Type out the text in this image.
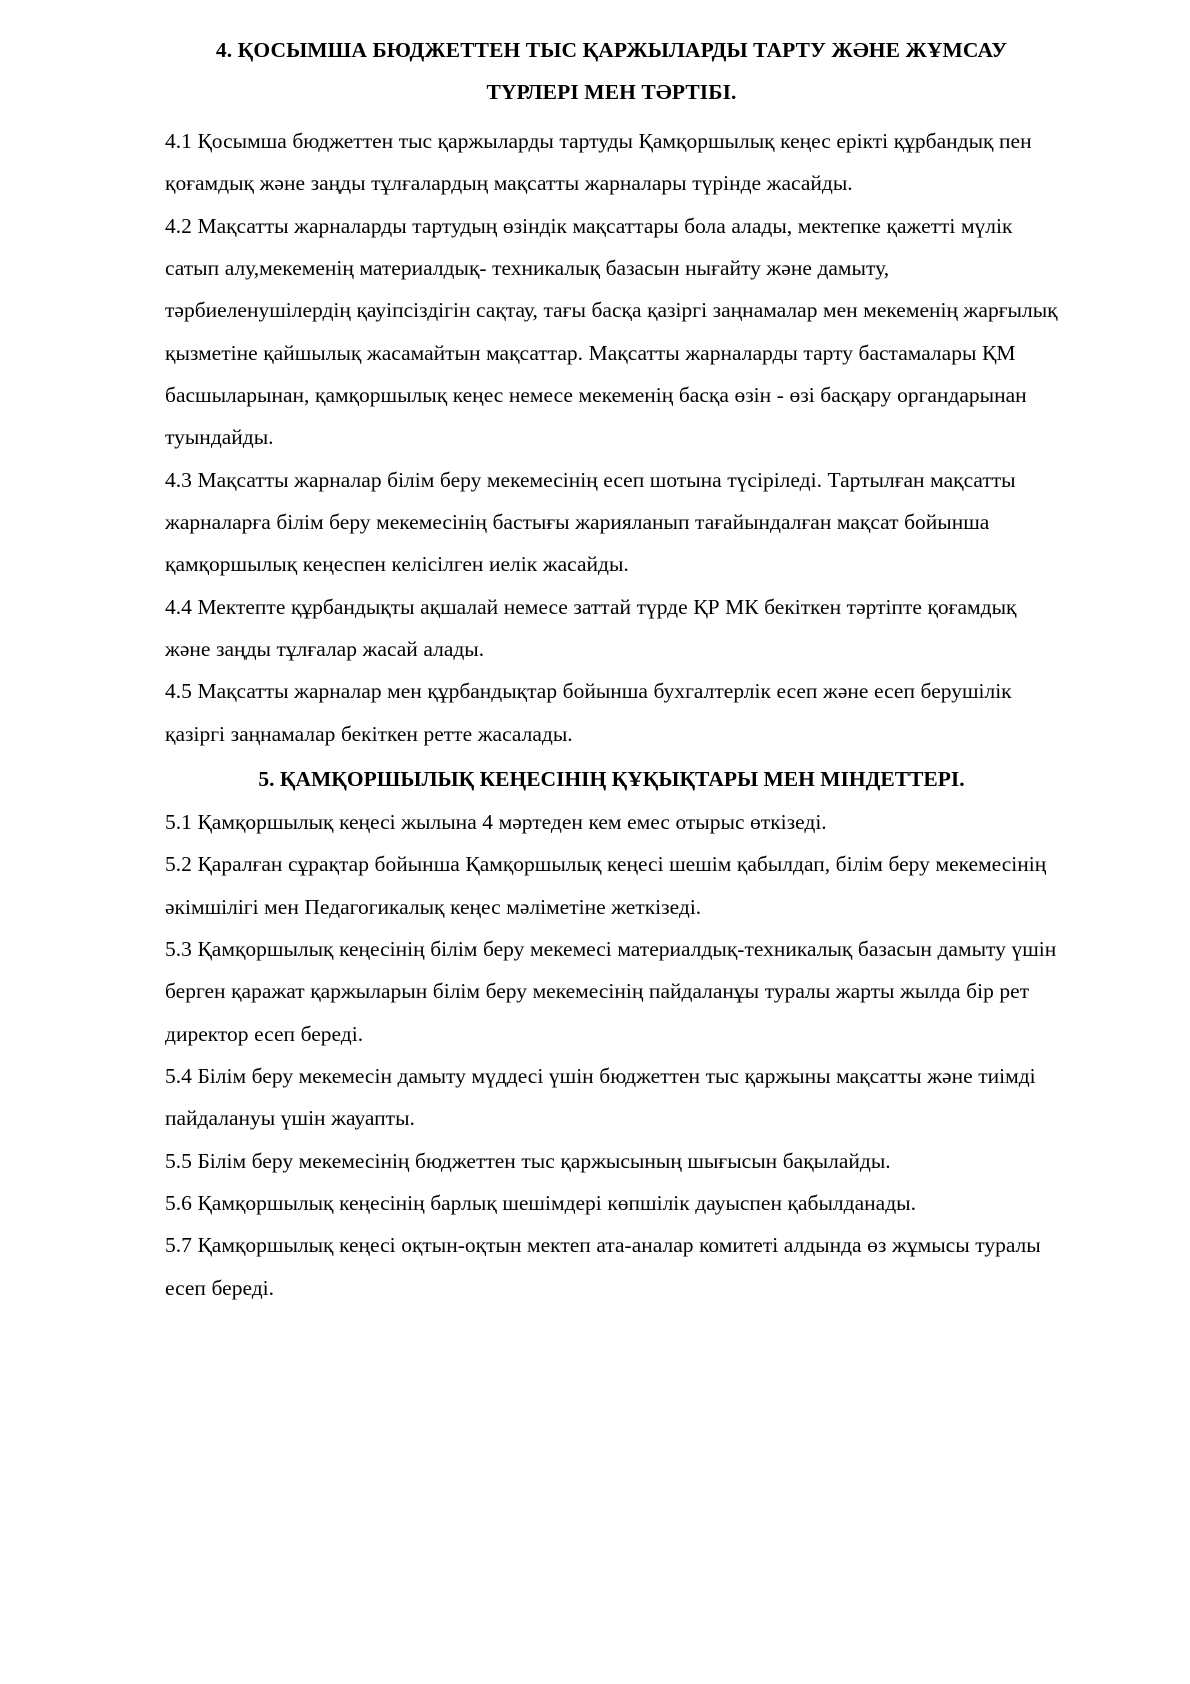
4. ҚОСЫМША БЮДЖЕТТЕН ТЫС ҚАРЖЫЛАРДЫ ТАРТУ ЖӘНЕ ЖҰМСАУ
ТҮРЛЕРІ МЕН ТӘРТІБІ.

4.1 Қосымша бюджеттен тыс қаржыларды тартуды Қамқоршылық кеңес ерікті құрбандық пен қоғамдық және заңды тұлғалардың мақсатты жарналары түрінде жасайды.

4.2 Мақсатты жарналарды тартудың өзіндік мақсаттары бола алады, мектепке қажетті мүлік сатып алу,мекеменің материалдық- техникалық базасын нығайту және дамыту, тәрбиеленушілердің қауіпсіздігін сақтау, тағы басқа қазіргі заңнамалар мен мекеменің жарғылық қызметіне қайшылық жасамайтын мақсаттар. Мақсатты жарналарды тарту бастамалары ҚМ басшыларынан, қамқоршылық кеңес немесе мекеменің басқа өзін - өзі басқару органдарынан туындайды.

4.3 Мақсатты жарналар білім беру мекемесінің есеп шотына түсіріледі. Тартылған мақсатты жарналарға білім беру мекемесінің бастығы жарияланып тағайындалған мақсат бойынша қамқоршылық кеңеспен келісілген иелік жасайды.

4.4 Мектепте құрбандықты ақшалай немесе заттай түрде ҚР МК бекіткен тәртіпте қоғамдық және заңды тұлғалар жасай алады.

4.5 Мақсатты жарналар мен құрбандықтар бойынша бухгалтерлік есеп және есеп берушілік қазіргі заңнамалар бекіткен ретте жасалады.

5. ҚАМҚОРШЫЛЫҚ КЕҢЕСІНІҢ ҚҰҚЫҚТАРЫ МЕН МІНДЕТТЕРІ.

5.1 Қамқоршылық кеңесі жылына 4 мәртеден кем емес отырыс өткізеді.

5.2 Қаралған сұрақтар бойынша Қамқоршылық кеңесі шешім қабылдап, білім беру мекемесінің әкімшілігі мен Педагогикалық кеңес мәліметіне жеткізеді.

5.3 Қамқоршылық кеңесінің білім беру мекемесі материалдық-техникалық базасын дамыту үшін берген қаражат қаржыларын білім беру мекемесінің пайдаланұы туралы жарты жылда бір рет директор есеп береді.

5.4 Білім беру мекемесін дамыту мүддесі үшін бюджеттен тыс қаржыны мақсатты және тиімді пайдалануы үшін жауапты.

5.5 Білім беру мекемесінің бюджеттен тыс қаржысының шығысын бақылайды.

5.6 Қамқоршылық кеңесінің барлық шешімдері көпшілік дауыспен қабылданады.

5.7 Қамқоршылық кеңесі оқтын-оқтын мектеп ата-аналар комитеті алдында өз жұмысы туралы есеп береді.
